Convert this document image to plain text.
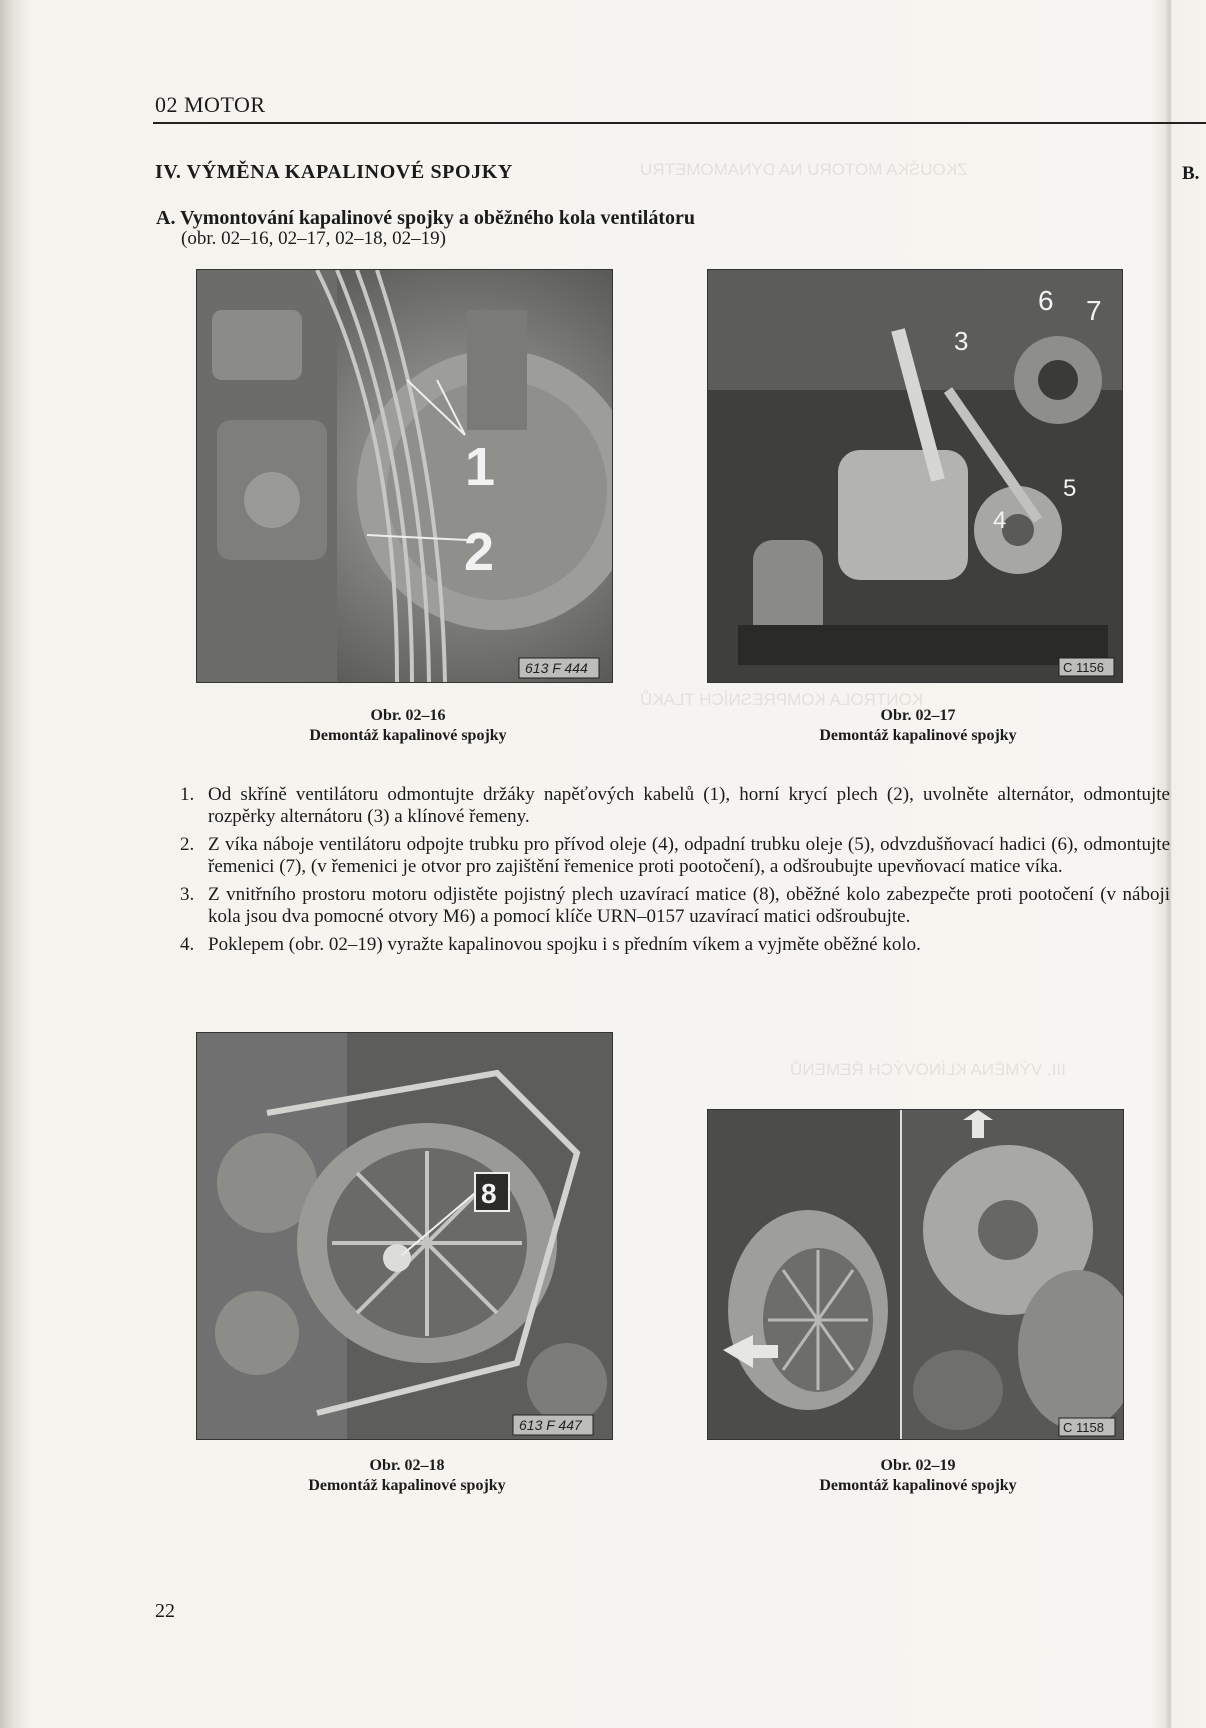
ZKOUŠKA MOTORU NA DYNAMOMETRU
KONTROLA KOMPRESNÍCH TLAKŮ
III. VÝMĚNA KLÍNOVÝCH ŘEMENŮ
02 MOTOR
B.
IV. VÝMĚNA KAPALINOVÉ SPOJKY
A. Vymontování kapalinové spojky a oběžného kola ventilátoru
(obr. 02–16, 02–17, 02–18, 02–19)
1
2
613 F 444
Obr. 02–16
Demontáž kapalinové spojky
6 7
3
4
5
C 1156
Obr. 02–17
Demontáž kapalinové spojky
1. Od skříně ventilátoru odmontujte držáky napěťových kabelů (1), horní krycí plech (2), uvolněte alternátor, odmontujte rozpěrky alternátoru (3) a klínové řemeny.
2. Z víka náboje ventilátoru odpojte trubku pro přívod oleje (4), odpadní trubku oleje (5), odvzdušňovací hadici (6), odmontujte řemenici (7), (v řemenici je otvor pro zajištění řemenice proti pootočení), a odšroubujte upevňovací matice víka.
3. Z vnitřního prostoru motoru odjistěte pojistný plech uzavírací matice (8), oběžné kolo zabezpečte proti pootočení (v náboji kola jsou dva pomocné otvory M6) a pomocí klíče URN–0157 uzavírací matici odšroubujte.
4. Poklepem (obr. 02–19) vyražte kapalinovou spojku i s předním víkem a vyjměte oběžné kolo.
8
613 F 447
Obr. 02–18
Demontáž kapalinové spojky
C 1158
Obr. 02–19
Demontáž kapalinové spojky
22
